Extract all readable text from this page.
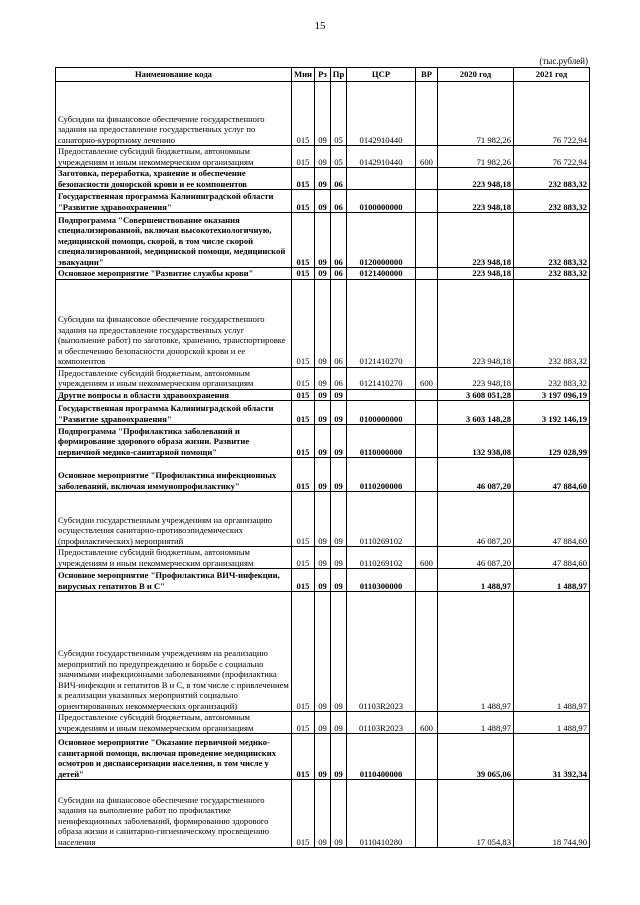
15
(тыс.рублей)
Наименование кода	Мин	Рз	Пр	ЦСР	ВР	2020 год	2021 год
Субсидии на финансовое обеспечение государственного задания на предоставление государственных услуг по санаторно-курортному лечению	015	09	05	0142910440		71 982,26	76 722,94
Предоставление субсидий бюджетным, автономным учреждениям и иным некоммерческим организациям	015	09	05	0142910440	600	71 982,26	76 722,94
Заготовка, переработка, хранение и обеспечение безопасности донорской крови и ее компонентов	015	09	06			223 948,18	232 883,32
Государственная программа Калининградской области "Развитие здравоохранения"	015	09	06	0100000000		223 948,18	232 883,32
Подпрограмма "Совершенствование оказания специализированной, включая высокотехнологичную, медицинской помощи, скорой, в том числе скорой специализированной, медицинской помощи, медицинской эвакуации"	015	09	06	0120000000		223 948,18	232 883,32
Основное мероприятие "Развитие службы крови"	015	09	06	0121400000		223 948,18	232 883,32
Субсидии на финансовое обеспечение государственного задания на предоставление государственных услуг (выполнение работ) по заготовке, хранению, транспортировке и обеспечению безопасности донорской крови и ее компонентов	015	09	06	0121410270		223 948,18	232 883,32
Предоставление субсидий бюджетным, автономным учреждениям и иным некоммерческим организациям	015	09	06	0121410270	600	223 948,18	232 883,32
Другие вопросы в области здравоохранения	015	09	09			3 608 051,28	3 197 096,19
Государственная программа Калининградской области "Развитие здравоохранения"	015	09	09	0100000000		3 603 148,28	3 192 146,19
Подпрограмма "Профилактика заболеваний и формирование здорового образа жизни. Развитие первичной медико-санитарной помощи"	015	09	09	0110000000		132 938,08	129 028,99
Основное мероприятие "Профилактика инфекционных заболеваний, включая иммунопрофилактику"	015	09	09	0110200000		46 087,20	47 884,60
Субсидии государственным учреждениям на организацию осуществления санитарно-противоэпидемических (профилактических) мероприятий	015	09	09	0110269102		46 087,20	47 884,60
Предоставление субсидий бюджетным, автономным учреждениям и иным некоммерческим организациям	015	09	09	0110269102	600	46 087,20	47 884,60
Основное мероприятие "Профилактика ВИЧ-инфекции, вирусных гепатитов В и С"	015	09	09	0110300000		1 488,97	1 488,97
Субсидии государственным учреждениям на реализацию мероприятий по предупреждению и борьбе с социально значимыми инфекционными заболеваниями (профилактика ВИЧ-инфекции и гепатитов В и С, в том числе с привлечением к реализации указанных мероприятий социально ориентированных некоммерческих организаций)	015	09	09	01103R2023		1 488,97	1 488,97
Предоставление субсидий бюджетным, автономным учреждениям и иным некоммерческим организациям	015	09	09	01103R2023	600	1 488,97	1 488,97
Основное мероприятие "Оказание первичной медико-санитарной помощи, включая проведение медицинских осмотров и диспансеризации населения, в том числе у детей"	015	09	09	0110400000		39 065,06	31 392,34
Субсидии на финансовое обеспечение государственного задания на выполнение работ по профилактике неинфекционных заболеваний, формированию здорового образа жизни и санитарно-гигиеническому просвещению населения	015	09	09	0110410280		17 054,83	18 744,90
